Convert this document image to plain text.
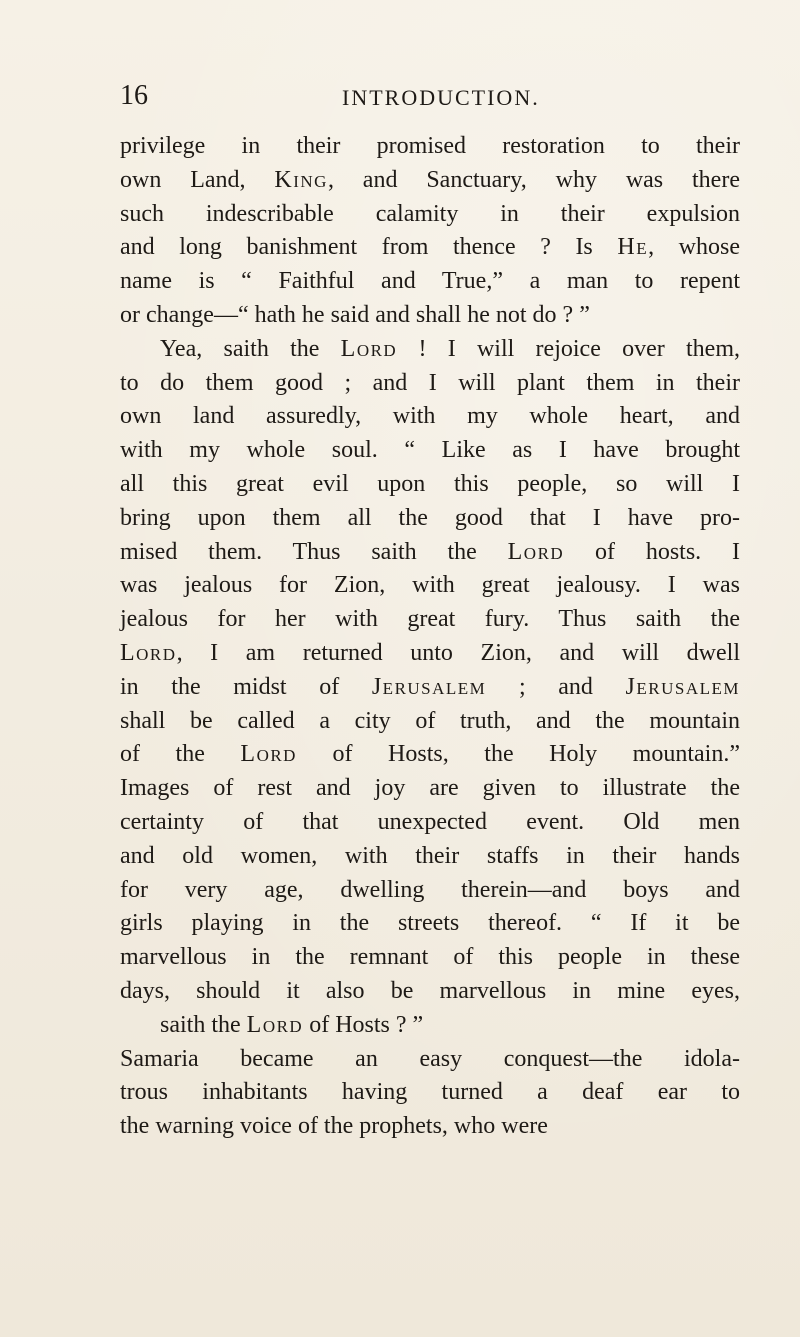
16	INTRODUCTION.
privilege in their promised restoration to their
own Land, King, and Sanctuary, why was there
such indescribable calamity in their expulsion
and long banishment from thence ? Is He, whose
name is “ Faithful and True,” a man to repent
or change—“ hath he said and shall he not do ? ”
Yea, saith the Lord ! I will rejoice over them,
to do them good ; and I will plant them in their
own land assuredly, with my whole heart, and
with my whole soul. “ Like as I have brought
all this great evil upon this people, so will I
bring upon them all the good that I have pro-
mised them. Thus saith the Lord of hosts. I
was jealous for Zion, with great jealousy. I was
jealous for her with great fury. Thus saith the
Lord, I am returned unto Zion, and will dwell
in the midst of Jerusalem ; and Jerusalem
shall be called a city of truth, and the mountain
of the Lord of Hosts, the Holy mountain.”
Images of rest and joy are given to illustrate the
certainty of that unexpected event. Old men
and old women, with their staffs in their hands
for very age, dwelling therein—and boys and
girls playing in the streets thereof. “ If it be
marvellous in the remnant of this people in these
days, should it also be marvellous in mine eyes,
saith the Lord of Hosts ? ”
Samaria became an easy conquest—the idola-
trous inhabitants having turned a deaf ear to
the warning voice of the prophets, who were
